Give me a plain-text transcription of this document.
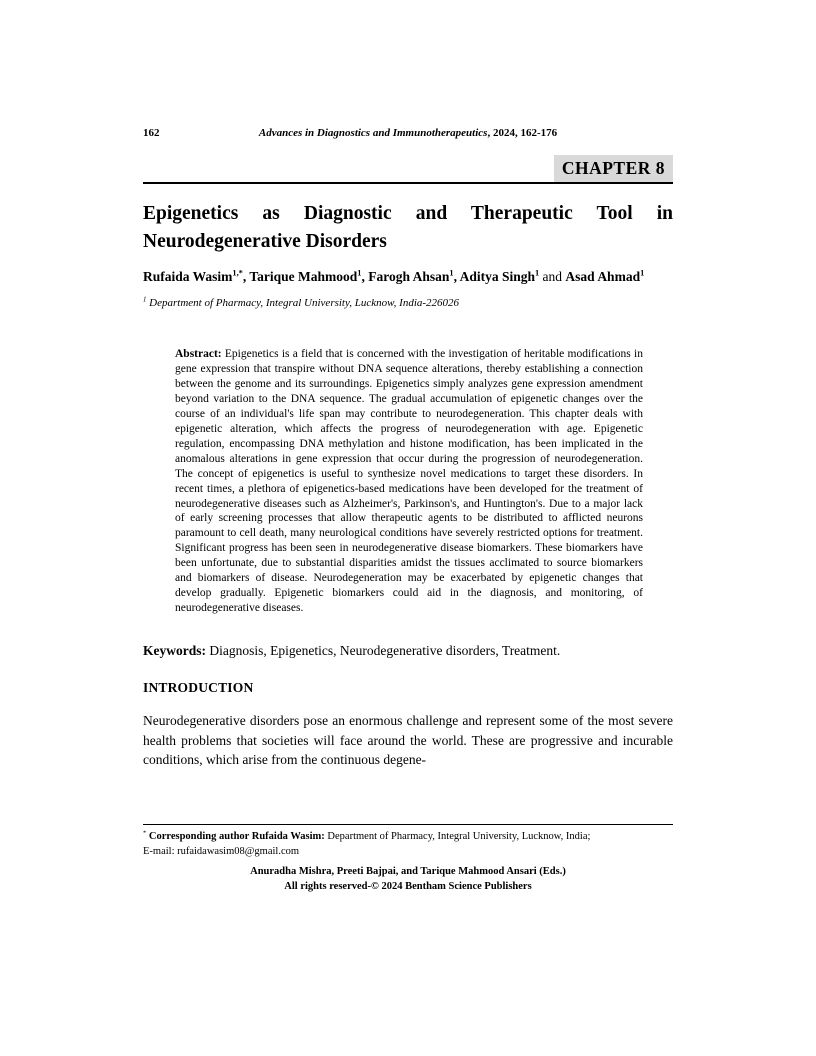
162	Advances in Diagnostics and Immunotherapeutics, 2024, 162-176
CHAPTER 8
Epigenetics as Diagnostic and Therapeutic Tool in Neurodegenerative Disorders

Rufaida Wasim$^{1,*}$, Tarique Mahmood$^1$, Farogh Ahsan$^1$, Aditya Singh$^1$ and Asad Ahmad$^1$

$^1$ Department of Pharmacy, Integral University, Lucknow, India-226026

Abstract: Epigenetics is a field that is concerned with the investigation of heritable modifications in gene expression that transpire without DNA sequence alterations, thereby establishing a connection between the genome and its surroundings. Epigenetics simply analyzes gene expression amendment beyond variation to the DNA sequence. The gradual accumulation of epigenetic changes over the course of an individual's life span may contribute to neurodegeneration. This chapter deals with epigenetic alteration, which affects the progress of neurodegeneration with age. Epigenetic regulation, encompassing DNA methylation and histone modification, has been implicated in the anomalous alterations in gene expression that occur during the progression of neurodegeneration. The concept of epigenetics is useful to synthesize novel medications to target these disorders. In recent times, a plethora of epigenetics-based medications have been developed for the treatment of neurodegenerative diseases such as Alzheimer's, Parkinson's, and Huntington's. Due to a major lack of early screening processes that allow therapeutic agents to be distributed to afflicted neurons paramount to cell death, many neurological conditions have severely restricted options for treatment. Significant progress has been seen in neurodegenerative disease biomarkers. These biomarkers have been unfortunate, due to substantial disparities amidst the tissues acclimated to source biomarkers and biomarkers of disease. Neurodegeneration may be exacerbated by epigenetic changes that develop gradually. Epigenetic biomarkers could aid in the diagnosis, and monitoring, of neurodegenerative diseases.

Keywords: Diagnosis, Epigenetics, Neurodegenerative disorders, Treatment.

INTRODUCTION

Neurodegenerative disorders pose an enormous challenge and represent some of the most severe health problems that societies will face around the world. These are progressive and incurable conditions, which arise from the continuous degene-

* Corresponding author Rufaida Wasim: Department of Pharmacy, Integral University, Lucknow, India;
E-mail: rufaidawasim08@gmail.com
Anuradha Mishra, Preeti Bajpai, and Tarique Mahmood Ansari (Eds.)
All rights reserved-© 2024 Bentham Science Publishers
